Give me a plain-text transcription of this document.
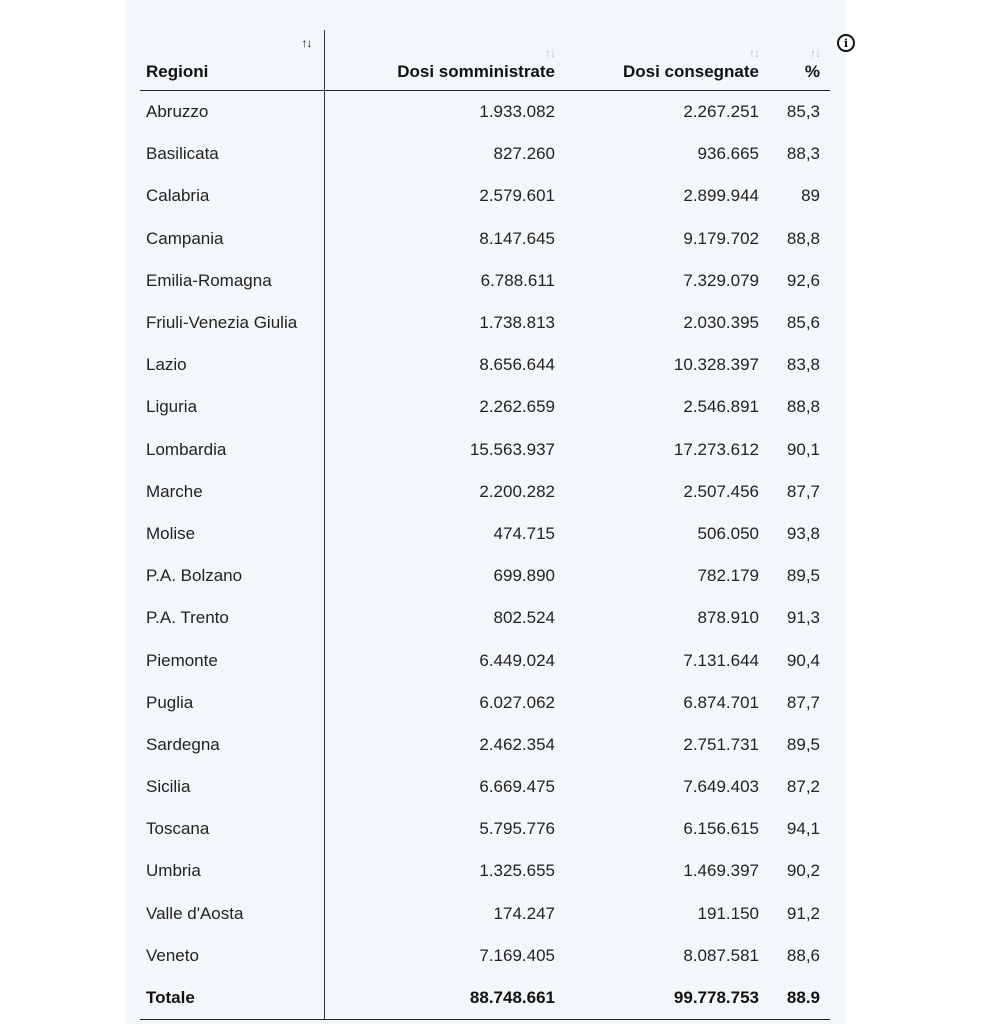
i
↑↓
Regioni	↑↓
Dosi somministrate	↑↓
Dosi consegnate	↑↓
%
Abruzzo	1.933.082	2.267.251	85,3
Basilicata	827.260	936.665	88,3
Calabria	2.579.601	2.899.944	89
Campania	8.147.645	9.179.702	88,8
Emilia-Romagna	6.788.611	7.329.079	92,6
Friuli-Venezia Giulia	1.738.813	2.030.395	85,6
Lazio	8.656.644	10.328.397	83,8
Liguria	2.262.659	2.546.891	88,8
Lombardia	15.563.937	17.273.612	90,1
Marche	2.200.282	2.507.456	87,7
Molise	474.715	506.050	93,8
P.A. Bolzano	699.890	782.179	89,5
P.A. Trento	802.524	878.910	91,3
Piemonte	6.449.024	7.131.644	90,4
Puglia	6.027.062	6.874.701	87,7
Sardegna	2.462.354	2.751.731	89,5
Sicilia	6.669.475	7.649.403	87,2
Toscana	5.795.776	6.156.615	94,1
Umbria	1.325.655	1.469.397	90,2
Valle d'Aosta	174.247	191.150	91,2
Veneto	7.169.405	8.087.581	88,6
Totale	88.748.661	99.778.753	88.9
